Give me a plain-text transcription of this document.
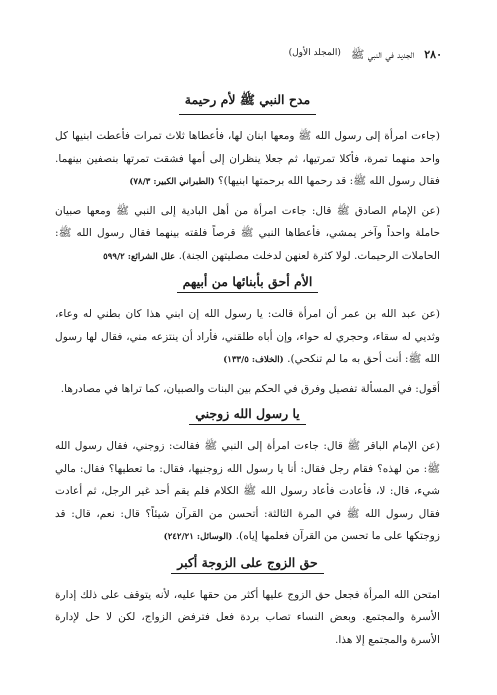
٢٨٠
الجديد في النبي ﷺ
(المجلد الأول)
مدح النبي ﷺ لأم رحيمة

(جاءت امرأة إلى رسول الله ﷺ ومعها ابنان لها، فأعطاها ثلاث تمرات فأعطت ابنيها كل واحد منهما تمرة، فأكلا تمرتيها، ثم جعلا ينظران إلى أمها فشقت تمرتها بنصفين بينهما. فقال رسول الله ﷺ: قد رحمها الله برحمتها ابنيها)؟ (الطبراني الكبير: ٧٨/٣)

(عن الإمام الصادق ﷺ قال: جاءت امرأة من أهل البادية إلى النبي ﷺ ومعها صبيان حاملة واحداً وآخر يمشي، فأعطاها النبي ﷺ قرصاً فلقته بينهما فقال رسول الله ﷺ: الحاملات الرحيمات. لولا كثرة لعنهن لدخلت مصليتهن الجنة). علل الشرائع: ٥٩٩/٢

الأم أحق بأبنائها من أبيهم

(عن عبد الله بن عمر أن امرأة قالت: يا رسول الله إن ابني هذا كان بطني له وعاء، وثديي له سقاء، وحجري له حواء، وإن أباه طلقني، فأراد أن ينتزعه مني، فقال لها رسول الله ﷺ: أنت أحق به ما لم تنكحي). (الخلاف: ١٣٣/٥)

أقول: في المسألة تفصيل وفرق في الحكم بين البنات والصبيان، كما تراها في مصادرها.

يا رسول الله زوجني

(عن الإمام الباقر ﷺ قال: جاءت امرأة إلى النبي ﷺ فقالت: زوجني، فقال رسول الله ﷺ: من لهذه؟ فقام رجل فقال: أنا يا رسول الله زوجنيها، فقال: ما تعطيها؟ فقال: مالي شيء، قال: لا، فأعادت فأعاد رسول الله ﷺ الكلام فلم يقم أحد غير الرجل، ثم أعادت فقال رسول الله ﷺ في المرة الثالثة: أتحسن من القرآن شيئاً؟ قال: نعم، قال: قد زوجتكها على ما تحسن من القرآن فعلمها إياه). (الوسائل: ٢٤٢/٢١)

حق الزوج على الزوجة أكبر

امتحن الله المرأة فجعل حق الزوج عليها أكثر من حقها عليه، لأنه يتوقف على ذلك إدارة الأسرة والمجتمع. وبعض النساء تصاب بردة فعل فترفض الزواج، لكن لا حل لإدارة الأسرة والمجتمع إلا هذا.
